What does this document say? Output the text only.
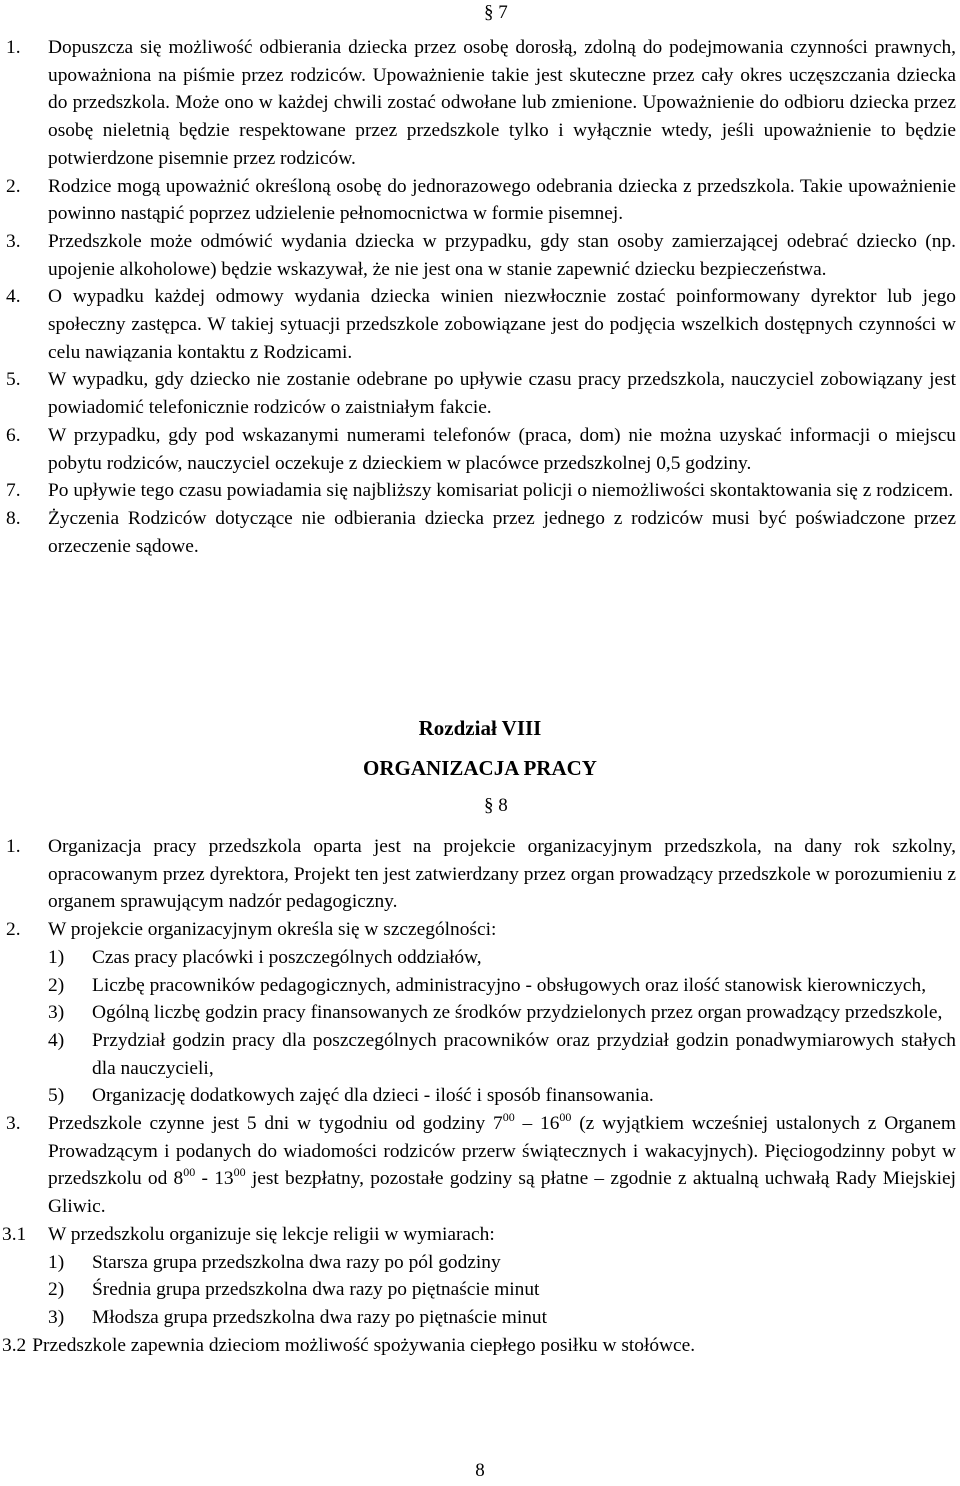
§ 7
1.	Dopuszcza się możliwość odbierania dziecka przez osobę dorosłą, zdolną do podejmowania czynności prawnych, upoważniona na piśmie przez rodziców. Upoważnienie takie jest skuteczne przez cały okres uczęszczania dziecka do przedszkola. Może ono w każdej chwili zostać odwołane lub zmienione. Upoważnienie do odbioru dziecka przez osobę nieletnią będzie respektowane przez przedszkole tylko i wyłącznie wtedy, jeśli upoważnienie to będzie potwierdzone pisemnie przez rodziców.
2.	Rodzice mogą upoważnić określoną osobę do jednorazowego odebrania dziecka z przedszkola. Takie upoważnienie powinno nastąpić poprzez udzielenie pełnomocnictwa w formie pisemnej.
3.	Przedszkole może odmówić wydania dziecka w przypadku, gdy stan osoby zamierzającej odebrać dziecko (np. upojenie alkoholowe) będzie wskazywał, że nie jest ona w stanie zapewnić dziecku bezpieczeństwa.
4.	O wypadku każdej odmowy wydania dziecka winien niezwłocznie zostać poinformowany dyrektor lub jego społeczny zastępca. W takiej sytuacji przedszkole zobowiązane jest do podjęcia wszelkich dostępnych czynności w celu nawiązania kontaktu z Rodzicami.
5.	W wypadku, gdy dziecko nie zostanie odebrane po upływie czasu pracy przedszkola, nauczyciel zobowiązany jest powiadomić telefonicznie rodziców o zaistniałym fakcie.
6.	W przypadku, gdy pod wskazanymi numerami telefonów (praca, dom) nie można uzyskać informacji o miejscu pobytu rodziców, nauczyciel oczekuje z dzieckiem w placówce przedszkolnej 0,5 godziny.
7.	Po upływie tego czasu powiadamia się najbliższy komisariat policji o niemożliwości skontaktowania się z rodzicem.
8.	Życzenia Rodziców dotyczące nie odbierania dziecka przez jednego z rodziców musi być poświadczone przez orzeczenie sądowe.
Rozdział VIII
ORGANIZACJA PRACY
§ 8
1.	Organizacja pracy przedszkola oparta jest na projekcie organizacyjnym przedszkola, na dany rok szkolny, opracowanym przez dyrektora, Projekt ten jest zatwierdzany przez organ prowadzący przedszkole w porozumieniu z organem sprawującym nadzór pedagogiczny.
2.	W projekcie organizacyjnym określa się w szczególności:
1)	Czas pracy placówki i poszczególnych oddziałów,
2)	Liczbę pracowników pedagogicznych, administracyjno - obsługowych oraz ilość stanowisk kierowniczych,
3)	Ogólną liczbę godzin pracy finansowanych ze środków przydzielonych przez organ prowadzący przedszkole,
4)	Przydział godzin pracy dla poszczególnych pracowników oraz przydział godzin ponadwymiarowych stałych dla nauczycieli,
5)	Organizację dodatkowych zajęć dla dzieci - ilość i sposób finansowania.
3.	Przedszkole czynne jest 5 dni w tygodniu od godziny $7^{00} - 16^{00}$ (z wyjątkiem wcześniej ustalonych z Organem Prowadzącym i podanych do wiadomości rodziców przerw świątecznych i wakacyjnych). Pięciogodzinny pobyt w przedszkolu od $8^{00} - 13^{00}$ jest bezpłatny, pozostałe godziny są płatne – zgodnie z aktualną uchwałą Rady Miejskiej Gliwic.
3.1	W przedszkolu organizuje się lekcje religii w wymiarach:
1)	Starsza grupa przedszkolna dwa razy po pól godziny
2)	Średnia grupa przedszkolna dwa razy po piętnaście minut
3)	Młodsza grupa przedszkolna dwa razy po piętnaście minut
3.2 Przedszkole zapewnia dzieciom możliwość spożywania ciepłego posiłku w stołówce.
8
